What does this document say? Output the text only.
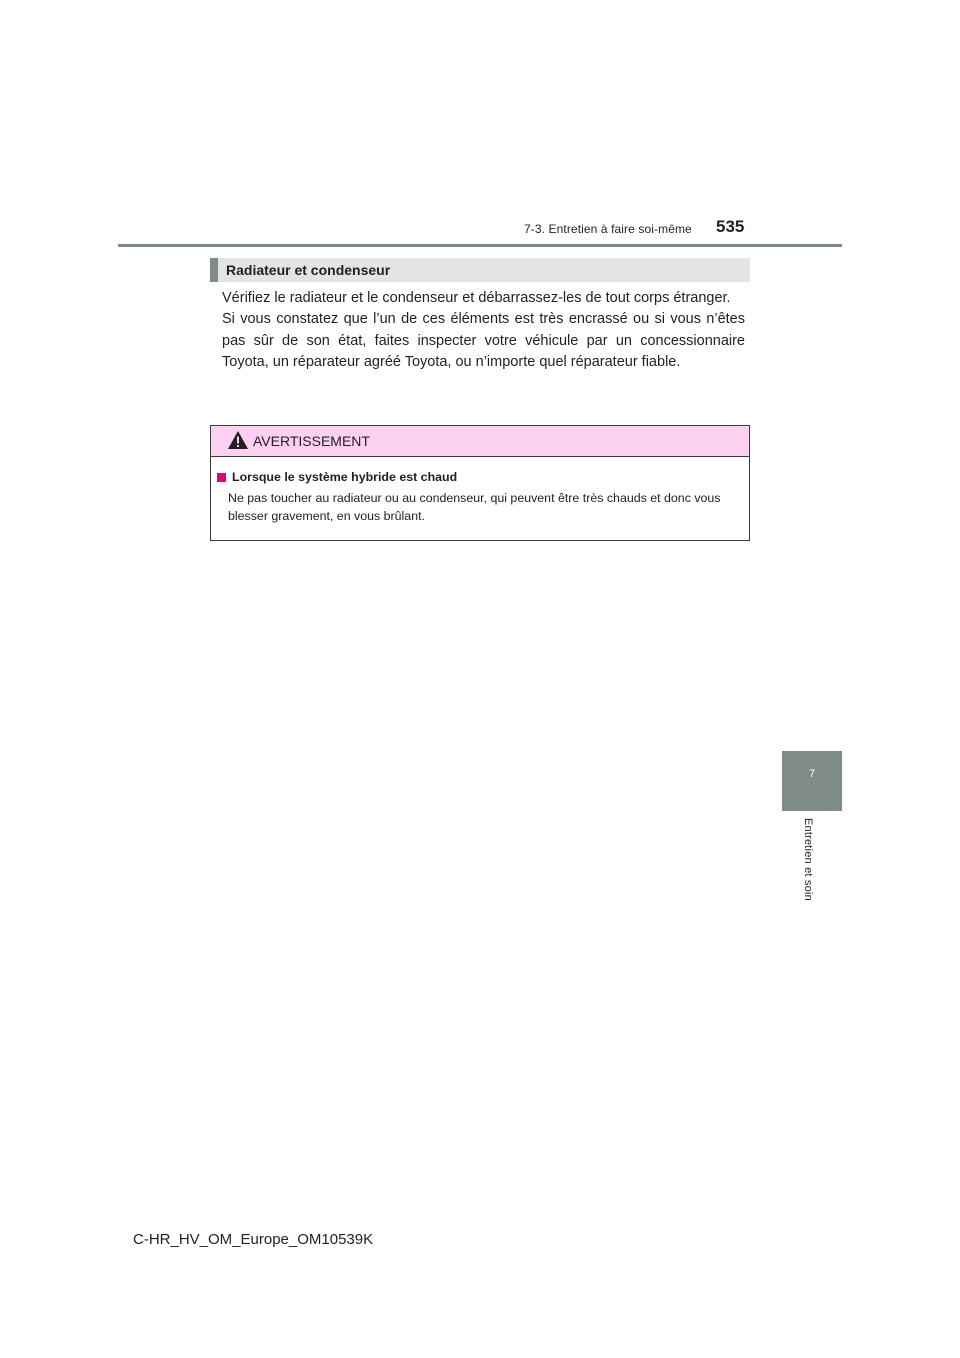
7-3. Entretien à faire soi-même 535
7
Entretien et soin
Radiateur et condenseur

Vérifiez le radiateur et le condenseur et débarrassez-les de tout corps étranger.

Si vous constatez que l’un de ces éléments est très encrassé ou si vous n’êtes pas sûr de son état, faites inspecter votre véhicule par un concessionnaire Toyota, un réparateur agréé Toyota, ou n’importe quel réparateur fiable.

AVERTISSEMENT
Lorsque le système hybride est chaud
Ne pas toucher au radiateur ou au condenseur, qui peuvent être très chauds et donc vous blesser gravement, en vous brûlant.
C-HR_HV_OM_Europe_OM10539K
